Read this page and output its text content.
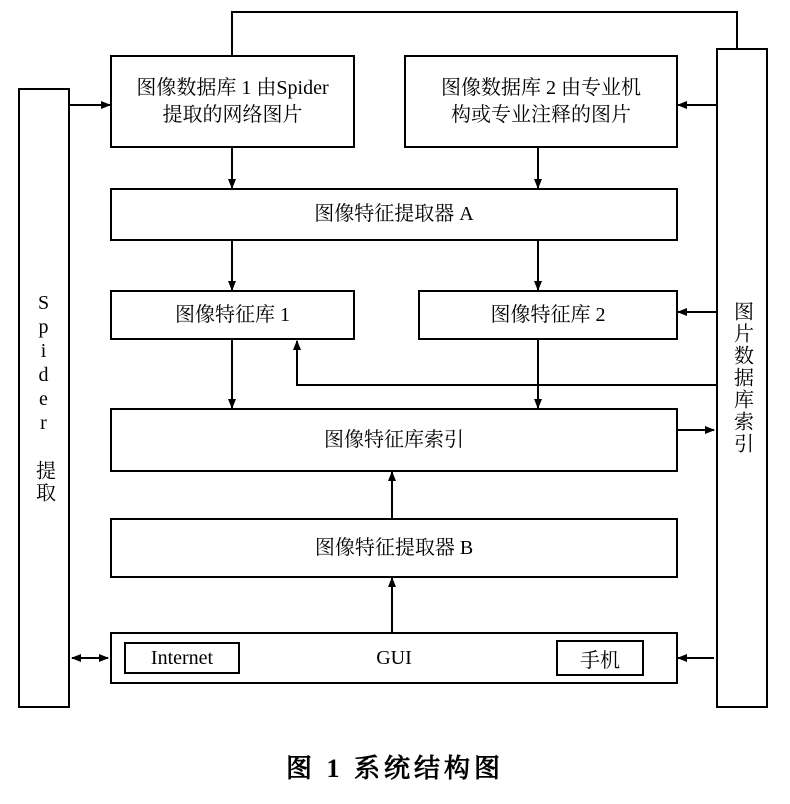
Spider 提取	图片数据库索引
图像数据库 1 由Spider
提取的网络图片
图像数据库 2 由专业机
构或专业注释的图片
图像特征提取器 A
图像特征库 1	图像特征库 2
图像特征库索引
图像特征提取器 B
GUI
Internet	手机
图 1 系统结构图
